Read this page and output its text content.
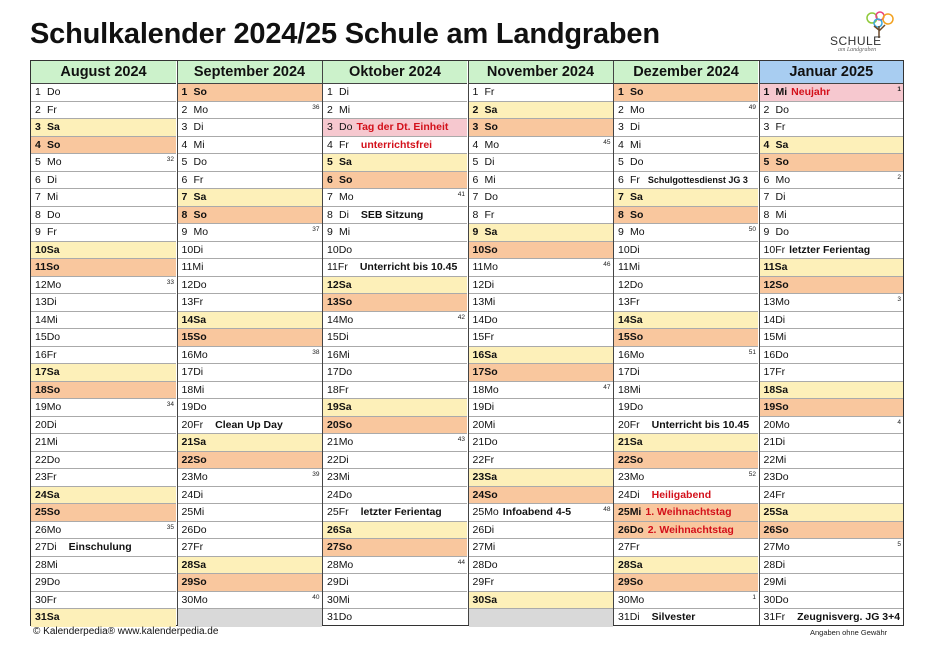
Schulkalender 2024/25 Schule am Landgraben	SCHULE
am Landgraben
August 2024
1 Do
2 Fr
3 Sa
4 So
5 Mo	32
6 Di
7 Mi
8 Do
9 Fr
10Sa
11So
12Mo	33
13Di
14Mi
15Do
16Fr
17Sa
18So
19Mo	34
20Di
21Mi
22Do
23Fr
24Sa
25So
26Mo	35
27Di Einschulung
28Mi
29Do
30Fr
31Sa
September 2024
1 So
2 Mo	36
3 Di
4 Mi
5 Do
6 Fr
7 Sa
8 So
9 Mo	37
10Di
11Mi
12Do
13Fr
14Sa
15So
16Mo	38
17Di
18Mi
19Do
20Fr Clean Up Day
21Sa
22So
23Mo	39
24Di
25Mi
26Do
27Fr
28Sa
29So
30Mo	40
Oktober 2024
1 Di
2 Mi
3 Do Tag der Dt. Einheit
4 Fr unterrichtsfrei
5 Sa
6 So
7 Mo	41
8 Di SEB Sitzung
9 Mi
10Do
11Fr Unterricht bis 10.45
12Sa
13So
14Mo	42
15Di
16Mi
17Do
18Fr
19Sa
20So
21Mo	43
22Di
23Mi
24Do
25Fr letzter Ferientag
26Sa
27So
28Mo	44
29Di
30Mi
31Do
November 2024
1 Fr
2 Sa
3 So
4 Mo	45
5 Di
6 Mi
7 Do
8 Fr
9 Sa
10So
11Mo	46
12Di
13Mi
14Do
15Fr
16Sa
17So
18Mo	47
19Di
20Mi
21Do
22Fr
23Sa
24So
25Mo Infoabend 4-5	48
26Di
27Mi
28Do
29Fr
30Sa
Dezember 2024
1 So
2 Mo	49
3 Di
4 Mi
5 Do
6 Fr Schulgottesdienst JG 3
7 Sa
8 So
9 Mo	50
10Di
11Mi
12Do
13Fr
14Sa
15So
16Mo	51
17Di
18Mi
19Do
20Fr Unterricht bis 10.45
21Sa
22So
23Mo	52
24Di Heiligabend
25Mi 1. Weihnachtstag
26Do 2. Weihnachtstag
27Fr
28Sa
29So
30Mo	1
31Di Silvester
Januar 2025
1 Mi Neujahr	1
2 Do
3 Fr
4 Sa
5 So
6 Mo	2
7 Di
8 Mi
9 Do
10Fr letzter Ferientag
11Sa
12So
13Mo	3
14Di
15Mi
16Do
17Fr
18Sa
19So
20Mo	4
21Di
22Mi
23Do
24Fr
25Sa
26So
27Mo	5
28Di
29Mi
30Do
31Fr Zeugnisverg. JG 3+4
© Kalenderpedia® www.kalenderpedia.de	Angaben ohne Gewähr
